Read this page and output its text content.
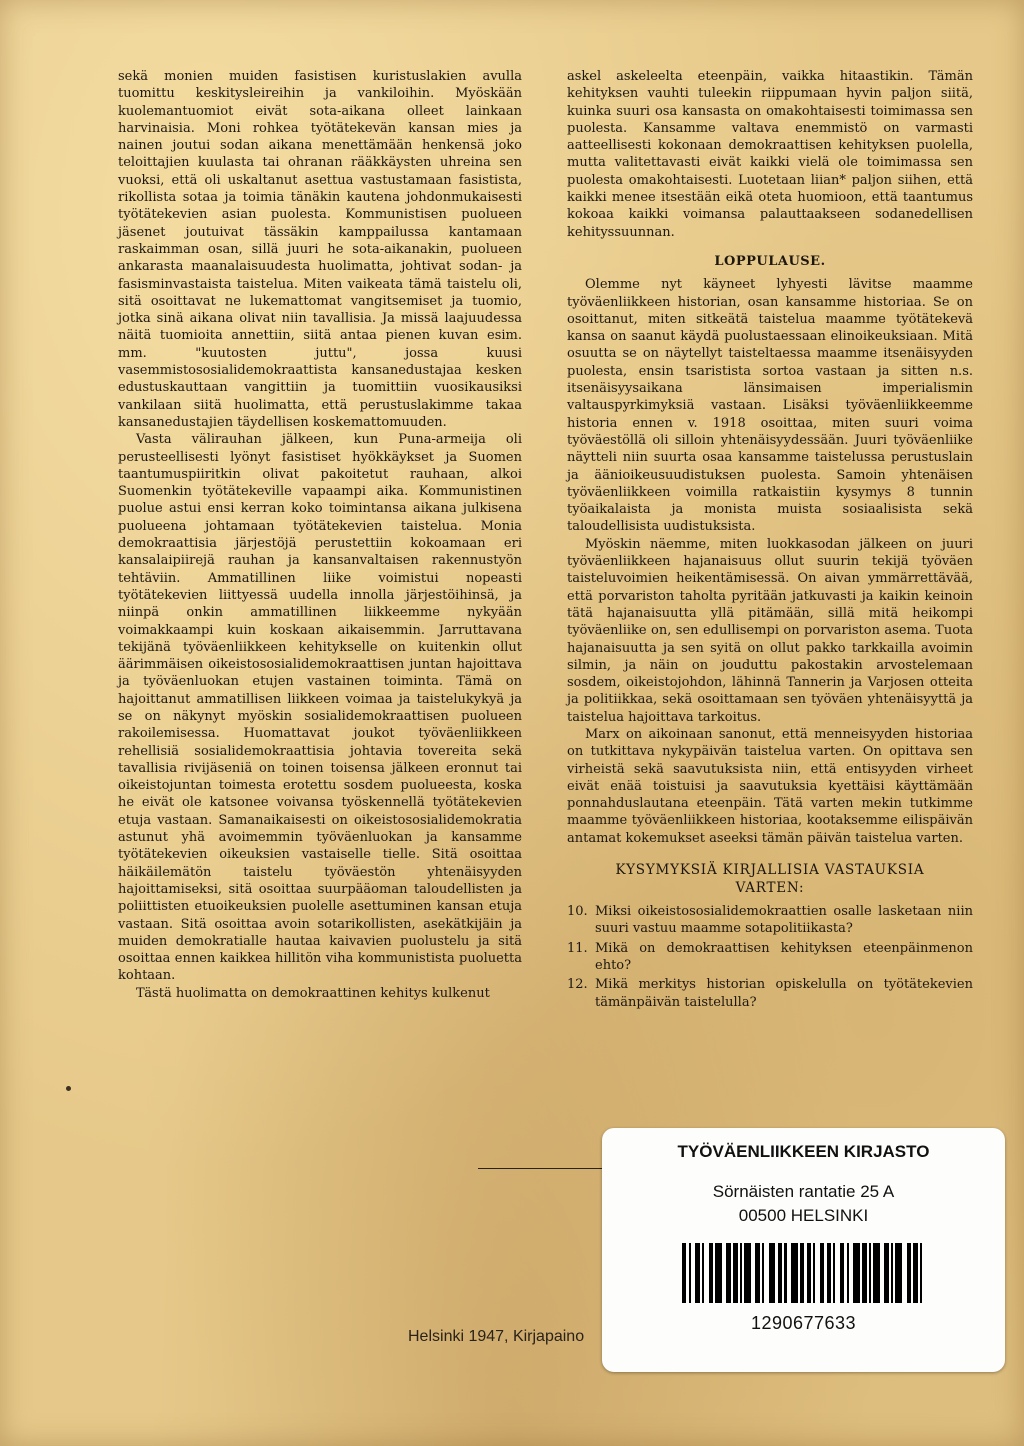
sekä monien muiden fasistisen kuristuslakien avulla tuomittu keskitysleireihin ja vankiloihin. Myöskään kuolemantuomiot eivät sota-aikana olleet lainkaan harvinaisia. Moni rohkea työtätekevän kansan mies ja nainen joutui sodan aikana menettämään henkensä joko teloittajien kuulasta tai ohranan rääkkäysten uhreina sen vuoksi, että oli uskaltanut asettua vastustamaan fasistista, rikollista sotaa ja toimia tänäkin kautena johdonmukaisesti työtätekevien asian puolesta. Kommunistisen puolueen jäsenet joutuivat tässäkin kamppailussa kantamaan raskaimman osan, sillä juuri he sota-aikanakin, puolueen ankarasta maanalaisuudesta huolimatta, johtivat sodan- ja fasisminvastaista taistelua. Miten vaikeata tämä taistelu oli, sitä osoittavat ne lukemattomat vangitsemiset ja tuomio, jotka sinä aikana olivat niin tavallisia. Ja missä laajuudessa näitä tuomioita annettiin, siitä antaa pienen kuvan esim. mm. "kuutosten juttu", jossa kuusi vasemmistososialidemokraattista kansanedustajaa kesken edustuskauttaan vangittiin ja tuomittiin vuosikausiksi vankilaan siitä huolimatta, että perustuslakimme takaa kansanedustajien täydellisen koskemattomuuden.

Vasta välirauhan jälkeen, kun Puna-armeija oli perusteellisesti lyönyt fasistiset hyökkäykset ja Suomen taantumuspiiritkin olivat pakoitetut rauhaan, alkoi Suomenkin työtätekeville vapaampi aika. Kommunistinen puolue astui ensi kerran koko toimintansa aikana julkisena puolueena johtamaan työtätekevien taistelua. Monia demokraattisia järjestöjä perustettiin kokoamaan eri kansalaipiirejä rauhan ja kansanvaltaisen rakennustyön tehtäviin. Ammatillinen liike voimistui nopeasti työtätekevien liittyessä uudella innolla järjestöihinsä, ja niinpä onkin ammatillinen liikkeemme nykyään voimakkaampi kuin koskaan aikaisemmin. Jarruttavana tekijänä työväenliikkeen kehitykselle on kuitenkin ollut äärimmäisen oikeistososialidemokraattisen juntan hajoittava ja työväenluokan etujen vastainen toiminta. Tämä on hajoittanut ammatillisen liikkeen voimaa ja taistelukykyä ja se on näkynyt myöskin sosialidemokraattisen puolueen rakoilemisessa. Huomattavat joukot työväenliikkeen rehellisiä sosialidemokraattisia johtavia tovereita sekä tavallisia rivijäseniä on toinen toisensa jälkeen eronnut tai oikeistojuntan toimesta erotettu sosdem puolueesta, koska he eivät ole katsonee voivansa työskennellä työtätekevien etuja vastaan. Samanaikaisesti on oikeistososialidemokratia astunut yhä avoimemmin työväenluokan ja kansamme työtätekevien oikeuksien vastaiselle tielle. Sitä osoittaa häikäilemätön taistelu työväestön yhtenäisyyden hajoittamiseksi, sitä osoittaa suurpääoman taloudellisten ja poliittisten etuoikeuksien puolelle asettuminen kansan etuja vastaan. Sitä osoittaa avoin sotarikollisten, asekätkijäin ja muiden demokratialle hautaa kaivavien puolustelu ja sitä osoittaa ennen kaikkea hillitön viha kommunistista puoluetta kohtaan.

Tästä huolimatta on demokraattinen kehitys kulkenut

askel askeleelta eteenpäin, vaikka hitaastikin. Tämän kehityksen vauhti tuleekin riippumaan hyvin paljon siitä, kuinka suuri osa kansasta on omakohtaisesti toimimassa sen puolesta. Kansamme valtava enemmistö on varmasti aatteellisesti kokonaan demokraattisen kehityksen puolella, mutta valitettavasti eivät kaikki vielä ole toimimassa sen puolesta omakohtaisesti. Luotetaan liian* paljon siihen, että kaikki menee itsestään eikä oteta huomioon, että taantumus kokoaa kaikki voimansa palauttaakseen sodanedellisen kehityssuunnan.

LOPPULAUSE.

Olemme nyt käyneet lyhyesti lävitse maamme työväenliikkeen historian, osan kansamme historiaa. Se on osoittanut, miten sitkeätä taistelua maamme työtätekevä kansa on saanut käydä puolustaessaan elinoikeuksiaan. Mitä osuutta se on näytellyt taisteltaessa maamme itsenäisyyden puolesta, ensin tsaristista sortoa vastaan ja sitten n.s. itsenäisyysaikana länsimaisen imperialismin valtauspyrkimyksiä vastaan. Lisäksi työväenliikkeemme historia ennen v. 1918 osoittaa, miten suuri voima työväestöllä oli silloin yhtenäisyydessään. Juuri työväenliike näytteli niin suurta osaa kansamme taistelussa perustuslain ja äänioikeusuudistuksen puolesta. Samoin yhtenäisen työväenliikkeen voimilla ratkaistiin kysymys 8 tunnin työaikalaista ja monista muista sosiaalisista sekä taloudellisista uudistuksista.

Myöskin näemme, miten luokkasodan jälkeen on juuri työväenliikkeen hajanaisuus ollut suurin tekijä työväen taisteluvoimien heikentämisessä. On aivan ymmärrettävää, että porvariston taholta pyritään jatkuvasti ja kaikin keinoin tätä hajanaisuutta yllä pitämään, sillä mitä heikompi työväenliike on, sen edullisempi on porvariston asema. Tuota hajanaisuutta ja sen syitä on ollut pakko tarkkailla avoimin silmin, ja näin on jouduttu pakostakin arvostelemaan sosdem, oikeistojohdon, lähinnä Tannerin ja Varjosen otteita ja politiikkaa, sekä osoittamaan sen työväen yhtenäisyyttä ja taistelua hajoittava tarkoitus.

Marx on aikoinaan sanonut, että menneisyyden historiaa on tutkittava nykypäivän taistelua varten. On opittava sen virheistä sekä saavutuksista niin, että entisyyden virheet eivät enää toistuisi ja saavutuksia kyettäisi käyttämään ponnahduslautana eteenpäin. Tätä varten mekin tutkimme maamme työväenliikkeen historiaa, kootaksemme eilispäivän antamat kokemukset aseeksi tämän päivän taistelua varten.

KYSYMYKSIÄ KIRJALLISIA VASTAUKSIA
VARTEN:
10. Miksi oikeistososialidemokraattien osalle lasketaan niin suuri vastuu maamme sotapolitiikasta?
11. Mikä on demokraattisen kehityksen eteenpäinmenon ehto?
12. Mikä merkitys historian opiskelulla on työtätekevien tämänpäivän taistelulla?
Helsinki 1947, Kirjapaino
TYÖVÄENLIIKKEEN KIRJASTO
Sörnäisten rantatie 25 A
00500 HELSINKI
1290677633
